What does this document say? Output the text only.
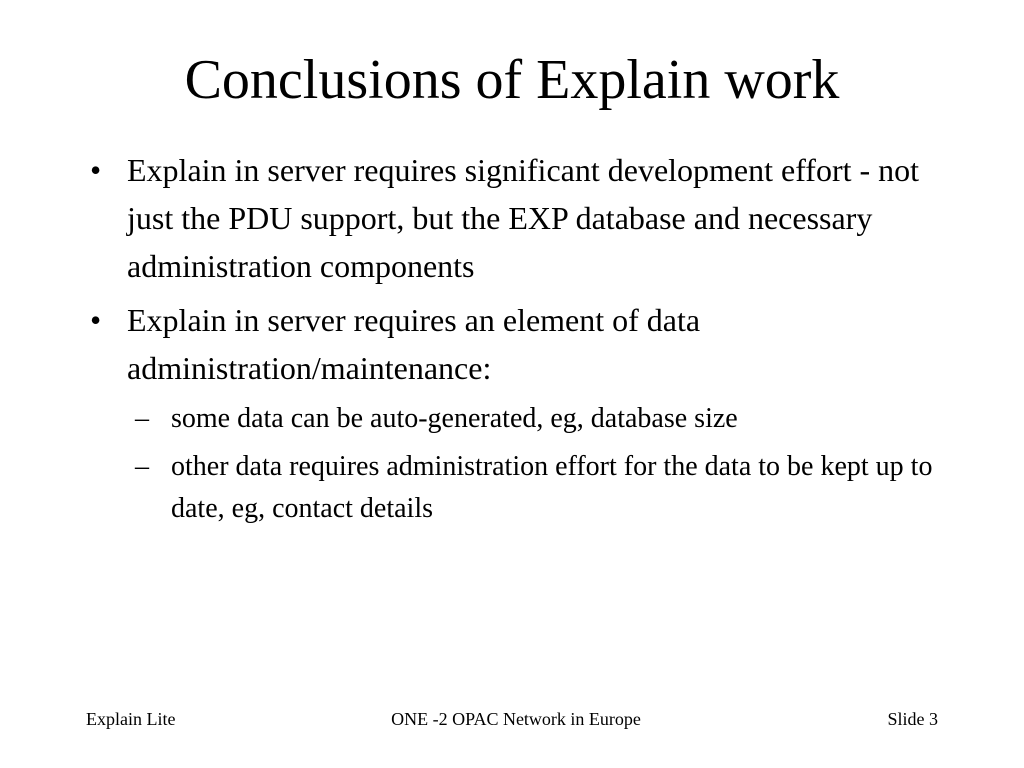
Conclusions of Explain work
• Explain in server requires significant development effort - not just the PDU support, but the EXP database and necessary administration components
• Explain in server requires an element of data administration/maintenance:
– some data can be auto-generated, eg, database size
– other data requires administration effort for the data to be kept up to date, eg, contact details
Explain Lite	ONE -2 OPAC Network in Europe	Slide 3
